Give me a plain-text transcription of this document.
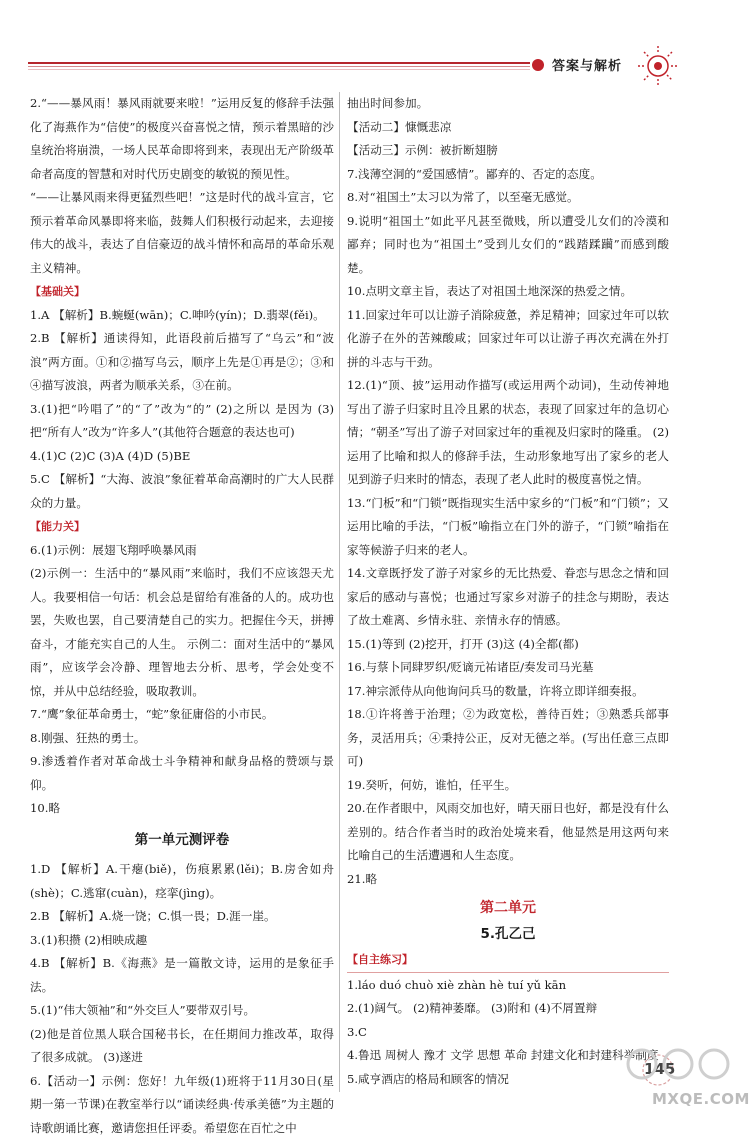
答案与解析
2.“——暴风雨！暴风雨就要来啦！”运用反复的修辞手法强化了海燕作为“信使”的极度兴奋喜悦之情，预示着黑暗的沙皇统治将崩溃，一场人民革命即将到来，表现出无产阶级革命者高度的智慧和对时代历史剧变的敏锐的预见性。
“——让暴风雨来得更猛烈些吧！”这是时代的战斗宣言，它预示着革命风暴即将来临，鼓舞人们积极行动起来，去迎接伟大的战斗，表达了自信豪迈的战斗情怀和高昂的革命乐观主义精神。
【基础关】
1.A 【解析】B.蜿蜒(wān)；C.呻吟(yín)；D.翡翠(fěi)。
2.B 【解析】通读得知，此语段前后描写了“乌云”和“波浪”两方面。①和②描写乌云，顺序上先是①再是②；③和④描写波浪，两者为顺承关系，③在前。
3.(1)把“吟唱了”的“了”改为“的” (2)之所以 是因为 (3)把“所有人”改为“许多人”(其他符合题意的表达也可)
4.(1)C (2)C (3)A (4)D (5)BE
5.C 【解析】“大海、波浪”象征着革命高潮时的广大人民群众的力量。
【能力关】
6.(1)示例：展翅飞翔呼唤暴风雨
(2)示例一：生活中的“暴风雨”来临时，我们不应该怨天尤人。我要相信一句话：机会总是留给有准备的人的。成功也罢，失败也罢，自己要清楚自己的实力。把握住今天，拼搏奋斗，才能充实自己的人生。 示例二：面对生活中的“暴风雨”，应该学会冷静、理智地去分析、思考，学会处变不惊，并从中总结经验，吸取教训。
7.“鹰”象征革命勇士，“蛇”象征庸俗的小市民。
8.刚强、狂热的勇士。
9.渗透着作者对革命战士斗争精神和献身品格的赞颂与景仰。
10.略
第一单元测评卷
1.D 【解析】A.干瘪(biě)，伤痕累累(lěi)；B.房舍如舟(shè)；C.逃窜(cuàn)，痉挛(jìng)。
2.B 【解析】A.烧一饶；C.惧一畏；D.涯一崖。
3.(1)积攒 (2)相映成趣
4.B 【解析】B.《海燕》是一篇散文诗，运用的是象征手法。
5.(1)“伟大领袖”和“外交巨人”要带双引号。
(2)他是首位黑人联合国秘书长，在任期间力推改革，取得了很多成就。 (3)遂进
6.【活动一】示例：您好！九年级(1)班将于11月30日(星期一第一节课)在教室举行以“诵读经典·传承美德”为主题的诗歌朗诵比赛，邀请您担任评委。希望您在百忙之中
抽出时间参加。
【活动二】慷慨悲凉
【活动三】示例：被折断翅膀
7.浅薄空洞的“爱国感情”。鄙弃的、否定的态度。
8.对“祖国土”太习以为常了，以至毫无感觉。
9.说明“祖国土”如此平凡甚至微贱，所以遭受儿女们的冷漠和鄙弃；同时也为“祖国土”受到儿女们的“践踏蹂躏”而感到酸楚。
10.点明文章主旨，表达了对祖国土地深深的热爱之情。
11.回家过年可以让游子消除疲惫，养足精神；回家过年可以软化游子在外的苦辣酸咸；回家过年可以让游子再次充满在外打拼的斗志与干劲。
12.(1)“顶、披”运用动作描写(或运用两个动词)，生动传神地写出了游子归家时且冷且累的状态，表现了回家过年的急切心情；“朝圣”写出了游子对回家过年的重视及归家时的隆重。 (2)运用了比喻和拟人的修辞手法，生动形象地写出了家乡的老人见到游子归来时的情态，表现了老人此时的极度喜悦之情。
13.“门板”和“门锁”既指现实生活中家乡的“门板”和“门锁”；又运用比喻的手法，“门板”喻指立在门外的游子，“门锁”喻指在家等候游子归来的老人。
14.文章既抒发了游子对家乡的无比热爱、眷恋与思念之情和回家后的感动与喜悦；也通过写家乡对游子的挂念与期盼，表达了故土难离、乡情永驻、亲情永存的情感。
15.(1)等到 (2)挖开，打开 (3)这 (4)全都(都)
16.与蔡卜同肆罗织/贬谪元祐诸臣/奏发司马光墓
17.神宗派侍从向他询问兵马的数量，许将立即详细奏报。
18.①许将善于治理；②为政宽松，善待百姓；③熟悉兵部事务，灵活用兵；④秉持公正，反对无德之举。(写出任意三点即可)
19.癸听，何妨，谁怕，任平生。
20.在作者眼中，风雨交加也好，晴天丽日也好，都是没有什么差别的。结合作者当时的政治处境来看，他显然是用这两句来比喻自己的生活遭遇和人生态度。
21.略
第二单元
5.孔乙己
【自主练习】
1.láo duó chuò xiè zhàn hè tuí yǔ kān
2.(1)阔气。 (2)精神萎靡。 (3)附和 (4)不屑置辩
3.C
4.鲁迅 周树人 豫才 文学 思想 革命 封建文化和封建科举制度
5.咸亨酒店的格局和顾客的情况
145
MXQE.COM
